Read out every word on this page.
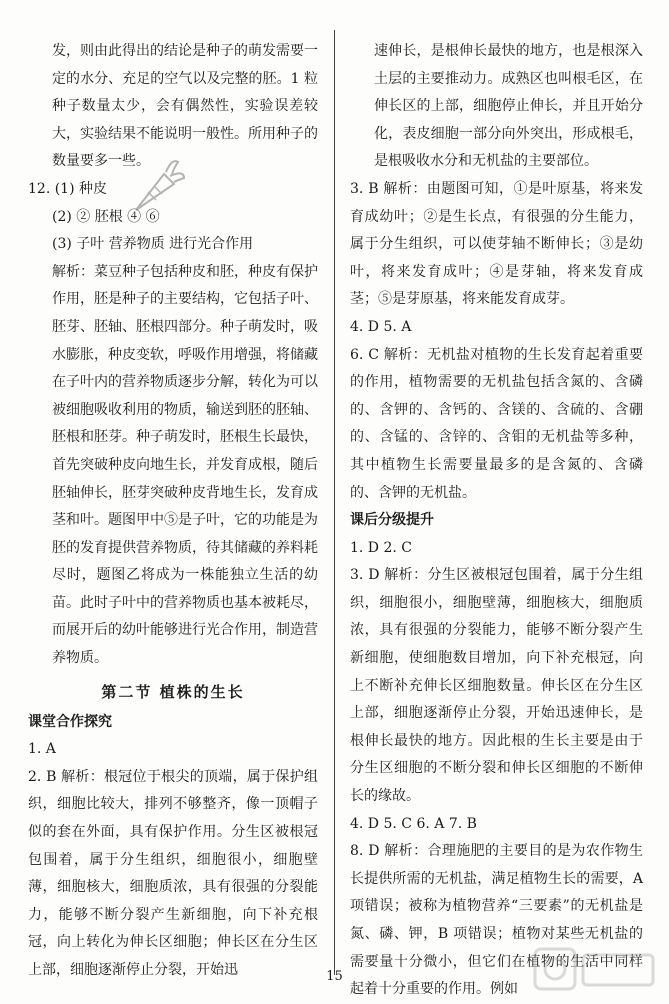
发，则由此得出的结论是种子的萌发需要一定的水分、充足的空气以及完整的胚。1 粒种子数量太少，会有偶然性，实验误差较大，实验结果不能说明一般性。所用种子的数量要多一些。

12. (1) 种皮

(2) ② 胚根 ④ ⑥

(3) 子叶 营养物质 进行光合作用

解析：菜豆种子包括种皮和胚，种皮有保护作用，胚是种子的主要结构，它包括子叶、胚芽、胚轴、胚根四部分。种子萌发时，吸水膨胀，种皮变软，呼吸作用增强，将储藏在子叶内的营养物质逐步分解，转化为可以被细胞吸收利用的物质，输送到胚的胚轴、胚根和胚芽。种子萌发时，胚根生长最快，首先突破种皮向地生长，并发育成根，随后胚轴伸长，胚芽突破种皮背地生长，发育成茎和叶。题图甲中⑤是子叶，它的功能是为胚的发育提供营养物质，待其储藏的养料耗尽时，题图乙将成为一株能独立生活的幼苗。此时子叶中的营养物质也基本被耗尽，而展开后的幼叶能够进行光合作用，制造营养物质。

第二节 植株的生长

课堂合作探究

1. A

2. B 解析：根冠位于根尖的顶端，属于保护组织，细胞比较大，排列不够整齐，像一顶帽子似的套在外面，具有保护作用。分生区被根冠包围着，属于分生组织，细胞很小，细胞壁薄，细胞核大，细胞质浓，具有很强的分裂能力，能够不断分裂产生新细胞，向下补充根冠，向上转化为伸长区细胞；伸长区在分生区上部，细胞逐渐停止分裂，开始迅

速伸长，是根伸长最快的地方，也是根深入土层的主要推动力。成熟区也叫根毛区，在伸长区的上部，细胞停止伸长，并且开始分化，表皮细胞一部分向外突出，形成根毛，是根吸收水分和无机盐的主要部位。

3. B 解析：由题图可知，①是叶原基，将来发育成幼叶；②是生长点，有很强的分生能力，属于分生组织，可以使芽轴不断伸长；③是幼叶，将来发育成叶；④是芽轴，将来发育成茎；⑤是芽原基，将来能发育成芽。

4. D 5. A

6. C 解析：无机盐对植物的生长发育起着重要的作用，植物需要的无机盐包括含氮的、含磷的、含钾的、含钙的、含镁的、含硫的、含硼的、含锰的、含锌的、含钼的无机盐等多种，其中植物生长需要量最多的是含氮的、含磷的、含钾的无机盐。

课后分级提升

1. D 2. C

3. D 解析：分生区被根冠包围着，属于分生组织，细胞很小，细胞壁薄，细胞核大，细胞质浓，具有很强的分裂能力，能够不断分裂产生新细胞，使细胞数目增加，向下补充根冠，向上不断补充伸长区细胞数量。伸长区在分生区上部，细胞逐渐停止分裂，开始迅速伸长，是根伸长最快的地方。因此根的生长主要是由于分生区细胞的不断分裂和伸长区细胞的不断伸长的缘故。

4. D 5. C 6. A 7. B

8. D 解析：合理施肥的主要目的是为农作物生长提供所需的无机盐，满足植物生长的需要，A 项错误；被称为植物营养“三要素”的无机盐是氮、磷、钾，B 项错误；植物对某些无机盐的需要量十分微小，但它们在植物的生活中同样起着十分重要的作用。例如

15
